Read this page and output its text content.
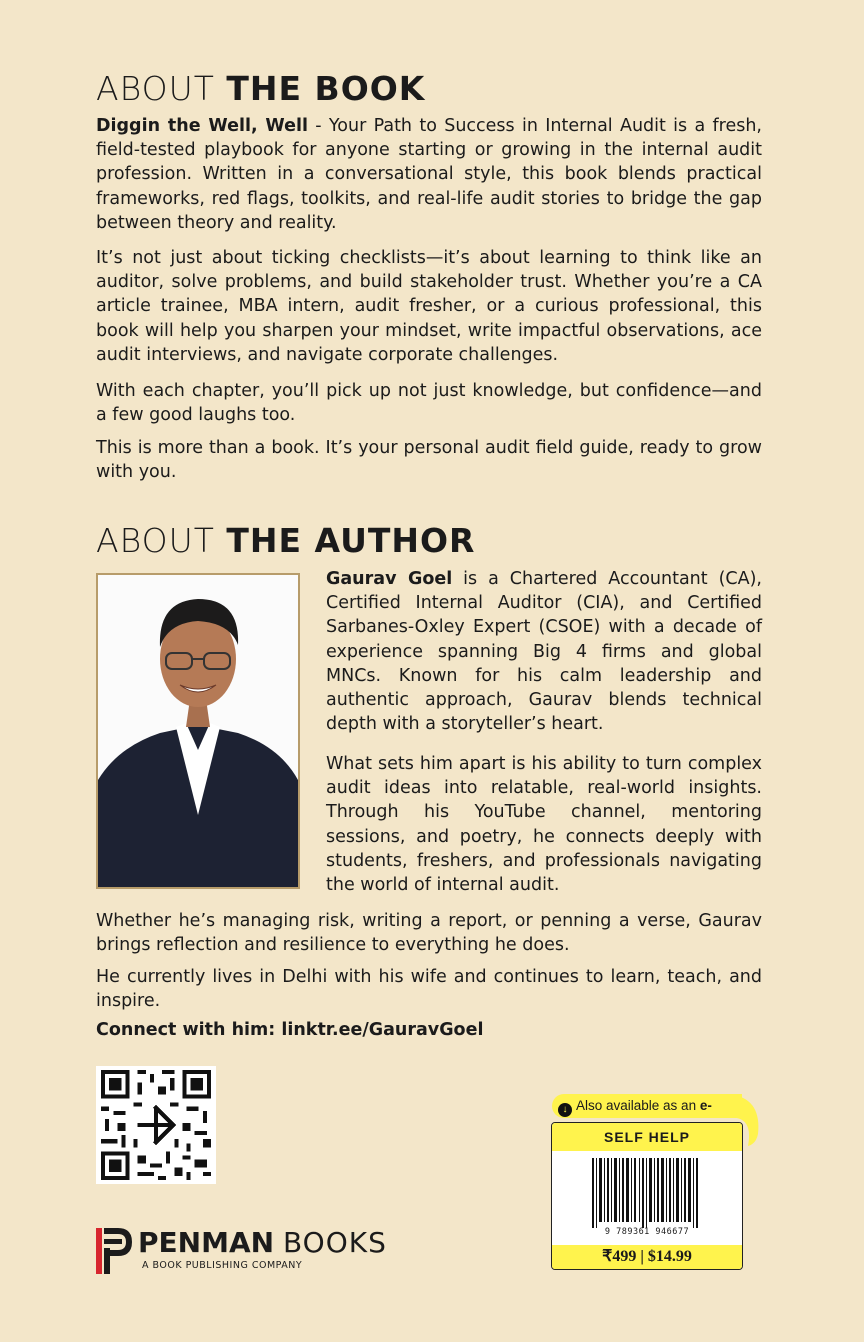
ABOUT THE BOOK

Diggin the Well, Well - Your Path to Success in Internal Audit is a fresh, field-tested playbook for anyone starting or growing in the internal audit profession. Written in a conversational style, this book blends practical frameworks, red flags, toolkits, and real-life audit stories to bridge the gap between theory and reality.

It’s not just about ticking checklists—it’s about learning to think like an auditor, solve problems, and build stakeholder trust. Whether you’re a CA article trainee, MBA intern, audit fresher, or a curious professional, this book will help you sharpen your mindset, write impactful observations, ace audit interviews, and navigate corporate challenges.

With each chapter, you’ll pick up not just knowledge, but confidence—and a few good laughs too.

This is more than a book. It’s your personal audit field guide, ready to grow with you.

ABOUT THE AUTHOR

Gaurav Goel is a Chartered Accountant (CA), Certified Internal Auditor (CIA), and Certified Sarbanes-Oxley Expert (CSOE) with a decade of experience spanning Big 4 firms and global MNCs. Known for his calm leadership and authentic approach, Gaurav blends technical depth with a storyteller’s heart.

What sets him apart is his ability to turn complex audit ideas into relatable, real-world insights. Through his YouTube channel, mentoring sessions, and poetry, he connects deeply with students, freshers, and professionals navigating the world of internal audit.

Whether he’s managing risk, writing a report, or penning a verse, Gaurav brings reflection and resilience to everything he does.

He currently lives in Delhi with his wife and continues to learn, teach, and inspire.

Connect with him: linktr.ee/GauravGoel

PENMAN BOOKS
A BOOK PUBLISHING COMPANY
↓ Also available as an e-
SELF HELP
9 789361 946677
₹499 | $14.99
